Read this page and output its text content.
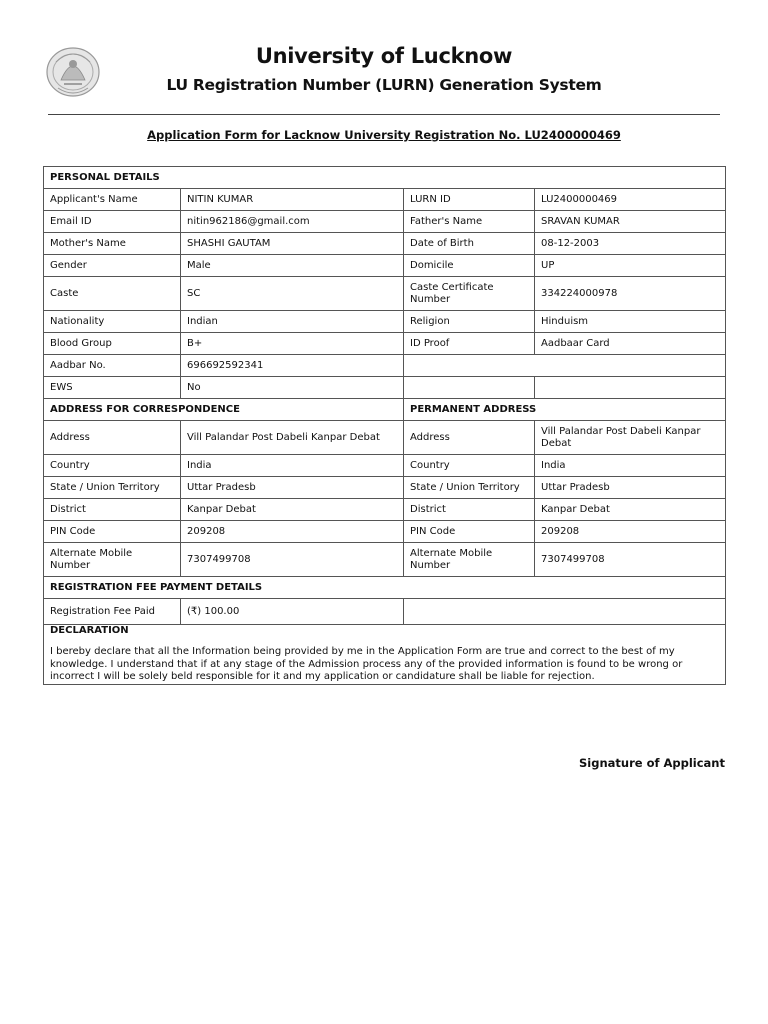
University of Lucknow
LU Registration Number (LURN) Generation System
Application Form for Lacknow University Registration No. LU2400000469
PERSONAL DETAILS			
Applicant's Name	NITIN KUMAR	LURN ID	LU2400000469
Email ID	nitin962186@gmail.com	Father's Name	SRAVAN KUMAR
Mother's Name	SHASHI GAUTAM	Date of Birth	08-12-2003
Gender	Male	Domicile	UP
Caste	SC	Caste Certificate Number	334224000978
Nationality	Indian	Religion	Hinduism
Blood Group	B+	ID Proof	Aadbaar Card
Aadbar No.	696692592341		
EWS	No		
ADDRESS FOR CORRESPONDENCE		PERMANENT ADDRESS	
Address	Vill Palandar Post Dabeli Kanpar Debat	Address	Vill Palandar Post Dabeli Kanpar Debat
Country	India	Country	India
State / Union Territory	Uttar Pradesb	State / Union Territory	Uttar Pradesb
District	Kanpar Debat	District	Kanpar Debat
PIN Code	209208	PIN Code	209208
Alternate Mobile Number	7307499708	Alternate Mobile Number	7307499708
REGISTRATION FEE PAYMENT DETAILS			
Registration Fee Paid	(₹) 100.00		

DECLARATION
I bereby declare that all the Information being provided by me in the Application Form are true and correct to the best of my knowledge. I understand that if at any stage of the Admission process any of the provided information is found to be wrong or incorrect I will be solely beld responsible for it and my application or candidature shall be liable for rejection.			
Signature of Applicant
